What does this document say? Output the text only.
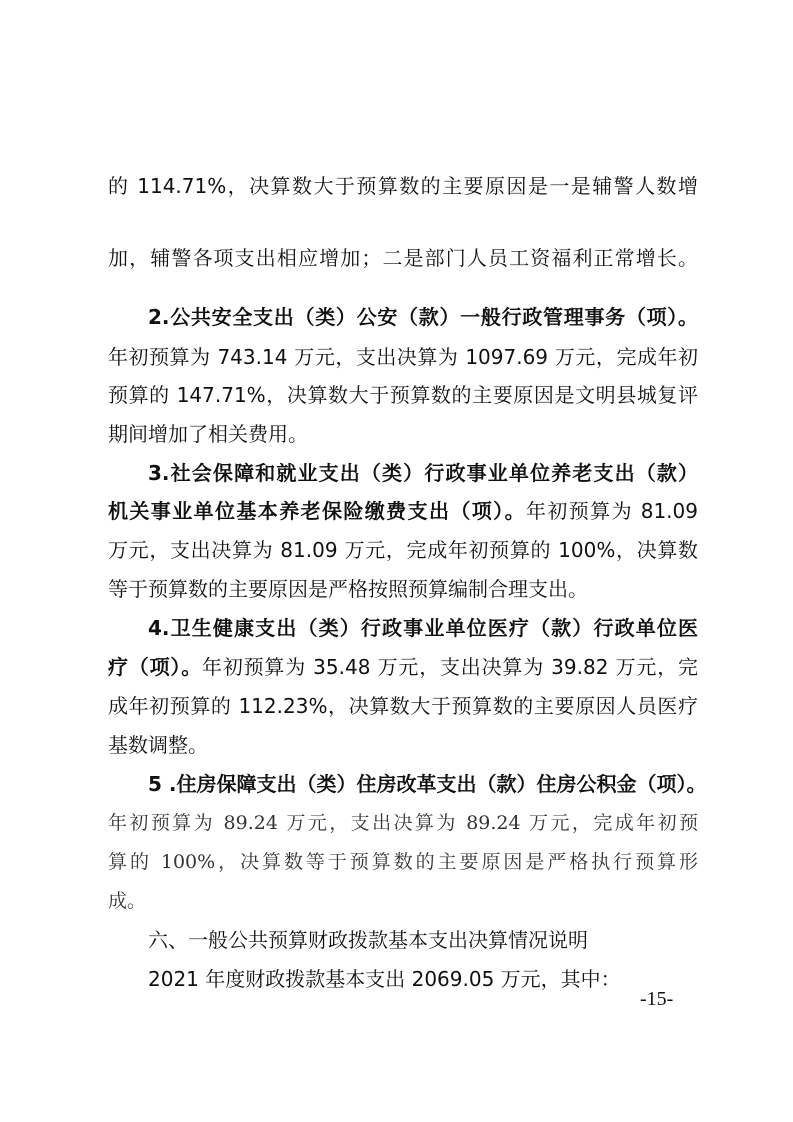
的 114.71%，决算数大于预算数的主要原因是一是辅警人数增
加，辅警各项支出相应增加；二是部门人员工资福利正常增长。
2.公共安全支出（类）公安（款）一般行政管理事务（项）。
年初预算为 743.14 万元，支出决算为 1097.69 万元，完成年初
预算的 147.71%，决算数大于预算数的主要原因是文明县城复评
期间增加了相关费用。
3.社会保障和就业支出（类）行政事业单位养老支出（款）
机关事业单位基本养老保险缴费支出（项）。年初预算为 81.09
万元，支出决算为 81.09 万元，完成年初预算的 100%，决算数
等于预算数的主要原因是严格按照预算编制合理支出。
4.卫生健康支出（类）行政事业单位医疗（款）行政单位医
疗（项）。年初预算为 35.48 万元，支出决算为 39.82 万元，完
成年初预算的 112.23%，决算数大于预算数的主要原因人员医疗
基数调整。
5 .住房保障支出（类）住房改革支出（款）住房公积金（项）。
年初预算为 89.24 万元，支出决算为 89.24 万元，完成年初预
算的 100%，决算数等于预算数的主要原因是严格执行预算形
成。
六、一般公共预算财政拨款基本支出决算情况说明
2021 年度财政拨款基本支出 2069.05 万元，其中：
-15-
